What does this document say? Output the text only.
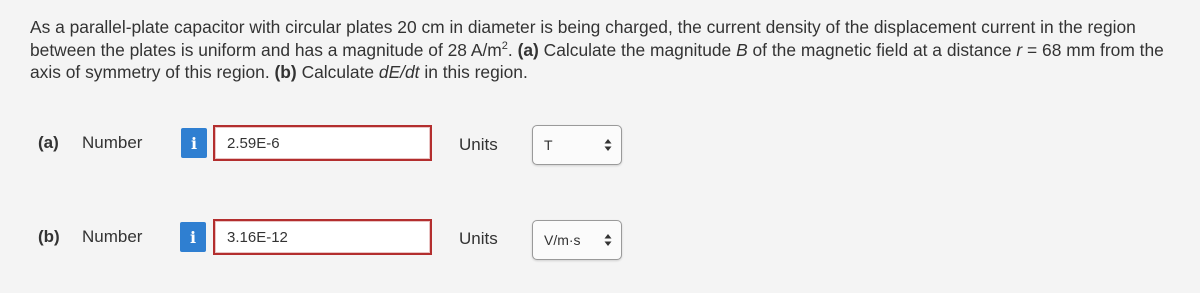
As a parallel-plate capacitor with circular plates 20 cm in diameter is being charged, the current density of the displacement current in the region between the plates is uniform and has a magnitude of 28 $A/m^2$. (a) Calculate the magnitude B of the magnetic field at a distance r = 68 mm from the axis of symmetry of this region. (b) Calculate dE/dt in this region.
(a) Number	i	2.59E-6	Units	T
(b) Number	i	3.16E-12	Units	V/m·s
